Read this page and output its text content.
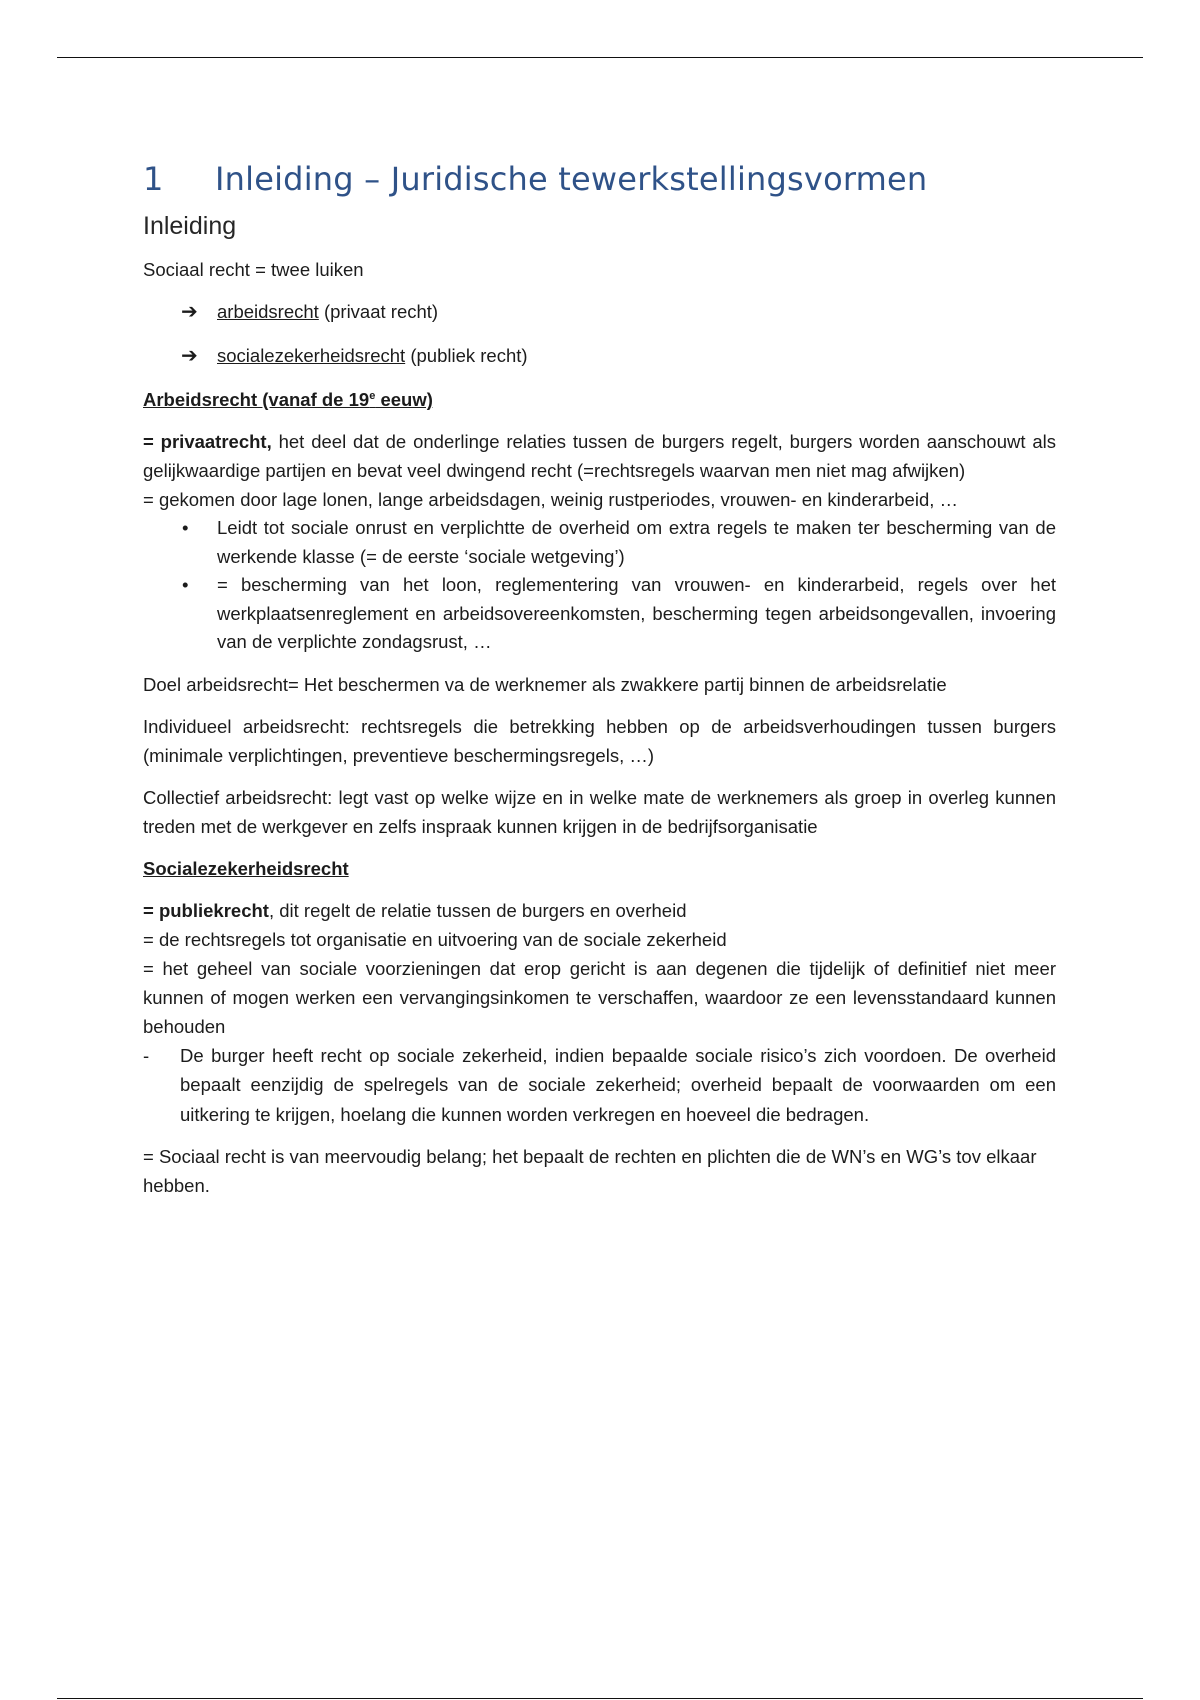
1	Inleiding – Juridische tewerkstellingsvormen
Inleiding

Sociaal recht = twee luiken

➔	arbeidsrecht (privaat recht)
➔	socialezekerheidsrecht (publiek recht)
Arbeidsrecht (vanaf de 19e eeuw)

= privaatrecht, het deel dat de onderlinge relaties tussen de burgers regelt, burgers worden aanschouwt als gelijkwaardige partijen en bevat veel dwingend recht (=rechtsregels waarvan men niet mag afwijken)

= gekomen door lage lonen, lange arbeidsdagen, weinig rustperiodes, vrouwen- en kinderarbeid, …

•	Leidt tot sociale onrust en verplichtte de overheid om extra regels te maken ter bescherming van de werkende klasse (= de eerste ‘sociale wetgeving’)
•	= bescherming van het loon, reglementering van vrouwen- en kinderarbeid, regels over het werkplaatsenreglement en arbeidsovereenkomsten, bescherming tegen arbeidsongevallen, invoering van de verplichte zondagsrust, …

Doel arbeidsrecht= Het beschermen va de werknemer als zwakkere partij binnen de arbeidsrelatie

Individueel arbeidsrecht: rechtsregels die betrekking hebben op de arbeidsverhoudingen tussen burgers (minimale verplichtingen, preventieve beschermingsregels, …)

Collectief arbeidsrecht: legt vast op welke wijze en in welke mate de werknemers als groep in overleg kunnen treden met de werkgever en zelfs inspraak kunnen krijgen in de bedrijfsorganisatie

Socialezekerheidsrecht

= publiekrecht, dit regelt de relatie tussen de burgers en overheid

= de rechtsregels tot organisatie en uitvoering van de sociale zekerheid

= het geheel van sociale voorzieningen dat erop gericht is aan degenen die tijdelijk of definitief niet meer kunnen of mogen werken een vervangingsinkomen te verschaffen, waardoor ze een levensstandaard kunnen behouden

-	De burger heeft recht op sociale zekerheid, indien bepaalde sociale risico’s zich voordoen. De overheid bepaalt eenzijdig de spelregels van de sociale zekerheid; overheid bepaalt de voorwaarden om een uitkering te krijgen, hoelang die kunnen worden verkregen en hoeveel die bedragen.

= Sociaal recht is van meervoudig belang; het bepaalt de rechten en plichten die de WN’s en WG’s tov elkaar hebben.
